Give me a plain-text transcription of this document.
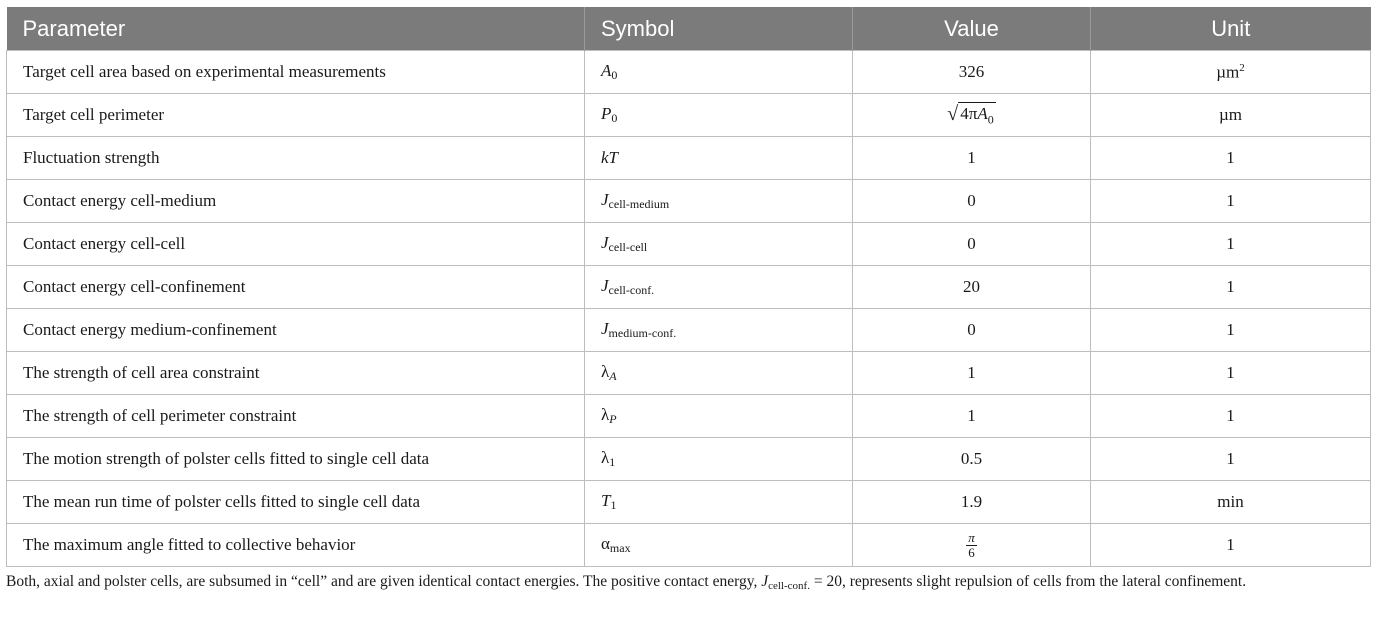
Parameter	Symbol	Value	Unit
Target cell area based on experimental measurements	$A_0$	326	µm$^2$
Target cell perimeter	$P_0$	√ $4\pi A_0$	µm
Fluctuation strength	kT	1	1
Contact energy cell-medium	$J_{cell-medium}$	0	1
Contact energy cell-cell	$J_{cell-cell}$	0	1
Contact energy cell-confinement	$J_{cell-conf.}$	20	1
Contact energy medium-confinement	$J_{medium-conf.}$	0	1
The strength of cell area constraint	$\lambda_A$	1	1
The strength of cell perimeter constraint	$\lambda_P$	1	1
The motion strength of polster cells fitted to single cell data	$\lambda_1$	0.5	1
The mean run time of polster cells fitted to single cell data	$T_1$	1.9	min
The maximum angle fitted to collective behavior	$\alpha_{max}$	$\frac{\pi}{6}$	1
Both, axial and polster cells, are subsumed in “cell” and are given identical contact energies. The positive contact energy, $J_{cell-conf.} = 20$, represents slight repulsion of cells from the lateral confinement.
